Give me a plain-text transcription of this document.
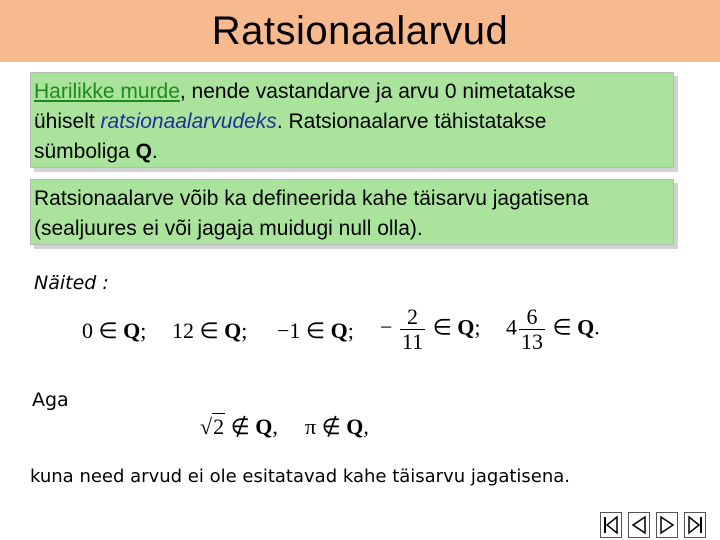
Ratsionaalarvud
Harilikke murde, nende vastandarve ja arvu 0 nimetatakse
ühiselt ratsionaalarvudeks. Ratsionaalarve tähistatakse
sümboliga Q.
Ratsionaalarve võib ka defineerida kahe täisarvu jagatisena
(sealjuures ei või jagaja muidugi null olla).
Näited :
0 ∈ Q; 12 ∈ Q; −1 ∈ Q; − $\frac{2}{11}$ ∈ Q; $4 \frac{6}{13}$ ∈ Q.
Aga
√2 ∉ Q, π ∉ Q,
kuna need arvud ei ole esitatavad kahe täisarvu jagatisena.
